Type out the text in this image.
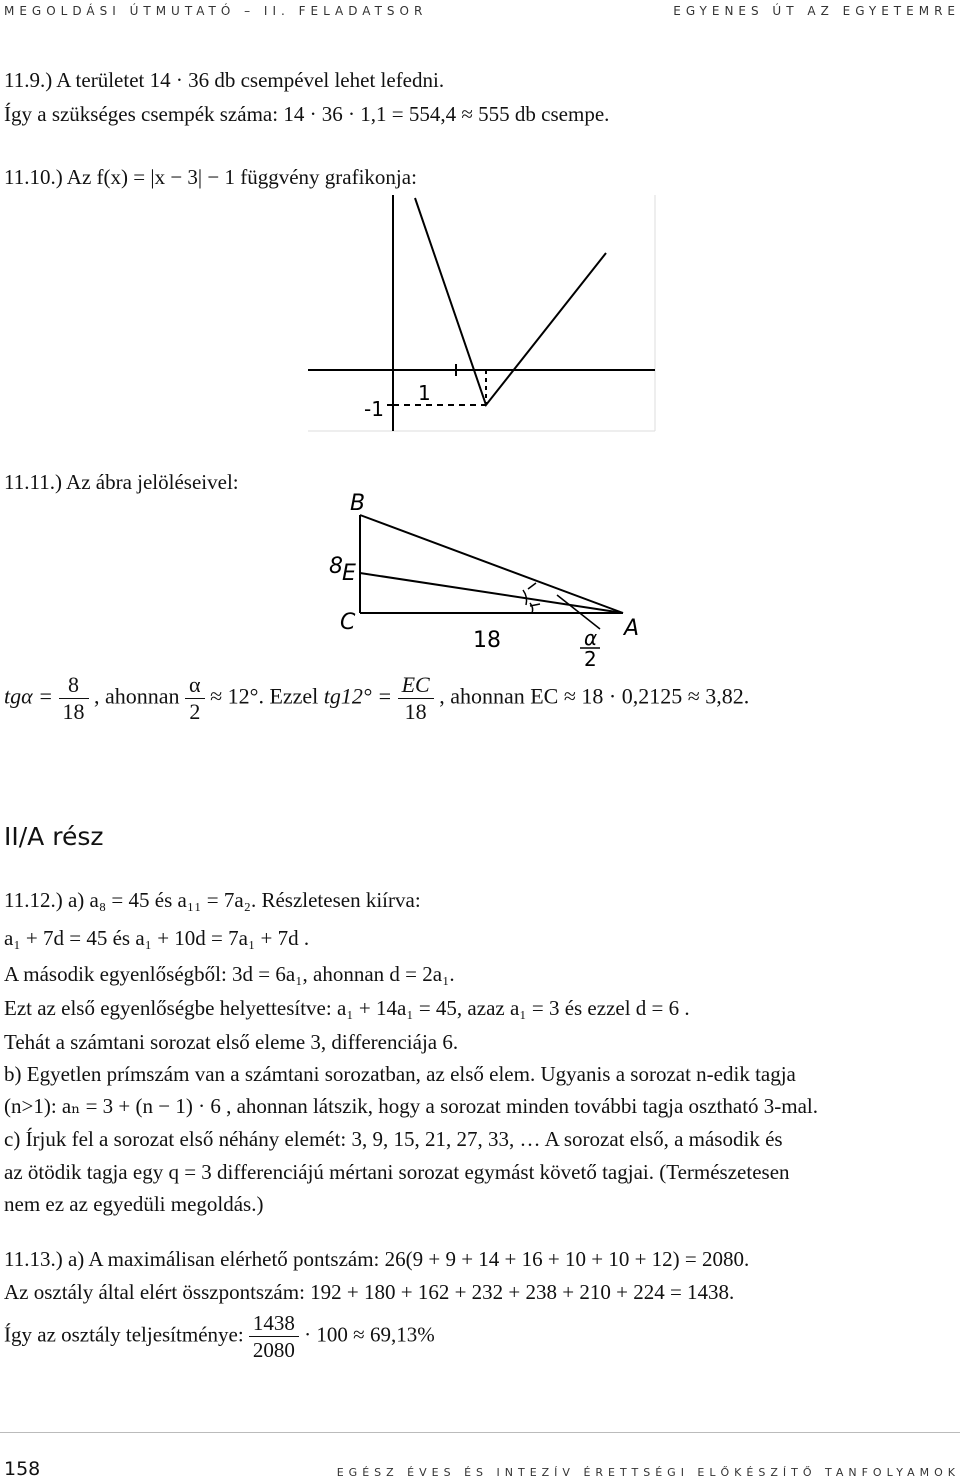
MEGOLDÁSI ÚTMUTATÓ – II. FELADATSOR	EGYENES ÚT AZ EGYETEMRE
11.9.) A területet 14 · 36 db csempével lehet lefedni.
Így a szükséges csempék száma: 14 · 36 · 1,1 = 554,4 ≈ 555 db csempe.
11.10.) Az f(x) = |x − 3| − 1 függvény grafikonja:
-1
1
11.11.) Az ábra jelöléseivel:
B
8 E
C	A
18	α
2
$tg\alpha = \frac{8}{18}$ , ahonnan $\frac{\alpha}{2} \approx 12^\circ$. Ezzel $tg12^\circ = \frac{EC}{18}$ , ahonnan EC ≈ 18 · 0,2125 ≈ 3,82.
II/A rész
11.12.) a) a₈ = 45 és a₁₁ = 7a₂. Részletesen kiírva:
a₁ + 7d = 45 és a₁ + 10d = 7a₁ + 7d .
A második egyenlőségből: 3d = 6a₁, ahonnan d = 2a₁.
Ezt az első egyenlőségbe helyettesítve: a₁ + 14a₁ = 45, azaz a₁ = 3 és ezzel d = 6 .
Tehát a számtani sorozat első eleme 3, differenciája 6.
b) Egyetlen prímszám van a számtani sorozatban, az első elem. Ugyanis a sorozat n-edik tagja
(n>1): aₙ = 3 + (n − 1) · 6 , ahonnan látszik, hogy a sorozat minden további tagja osztható 3-mal.
c) Írjuk fel a sorozat első néhány elemét: 3, 9, 15, 21, 27, 33, … A sorozat első, a második és
az ötödik tagja egy q = 3 differenciájú mértani sorozat egymást követő tagjai. (Természetesen
nem ez az egyedüli megoldás.)
11.13.) a) A maximálisan elérhető pontszám: 26(9 + 9 + 14 + 16 + 10 + 10 + 12) = 2080.
Az osztály által elért összpontszám: 192 + 180 + 162 + 232 + 238 + 210 + 224 = 1438.
Így az osztály teljesítménye: $\frac{1438}{2080} \cdot 100 \approx 69,13\%$
158	EGÉSZ ÉVES ÉS INTEZÍV ÉRETTSÉGI ELŐKÉSZÍTŐ TANFOLYAMOK
